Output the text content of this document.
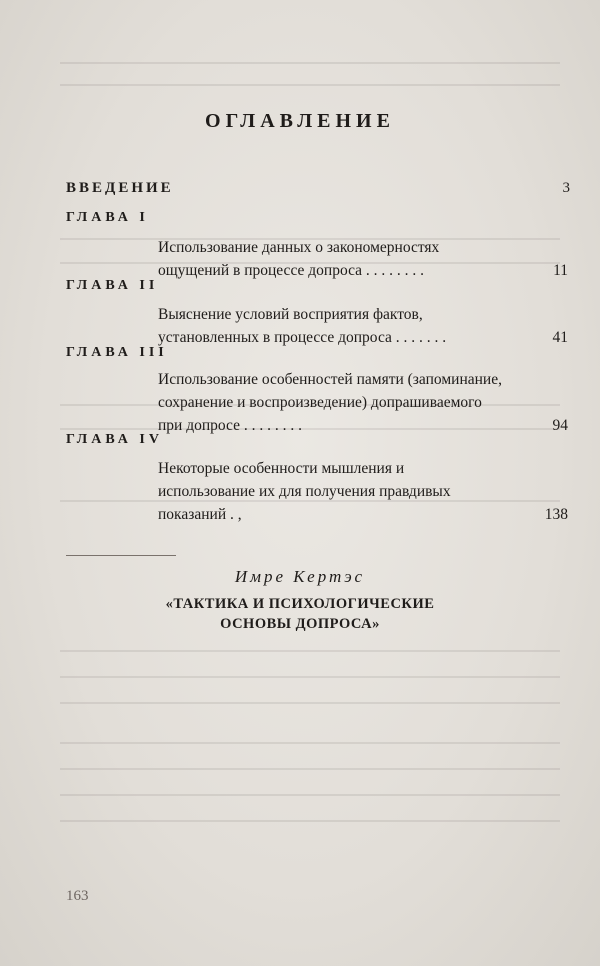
ОГЛАВЛЕНИЕ
ВВЕДЕНИЕ	3
ГЛАВА I
Использование данных о закономерностях ощущений в процессе допроса . . . . . . . .	11
ГЛАВА II
Выяснение условий восприятия фактов, установленных в процессе допроса . . . . . . .	41
ГЛАВА III
Использование особенностей памяти (запоминание, сохранение и воспроизведение) допрашиваемого при допросе . . . . . . . .	94
ГЛАВА IV
Некоторые особенности мышления и использование их для получения правдивых показаний . ,	138
Имре Кертэс
«ТАКТИКА И ПСИХОЛОГИЧЕСКИЕ
ОСНОВЫ ДОПРОСА»
163
